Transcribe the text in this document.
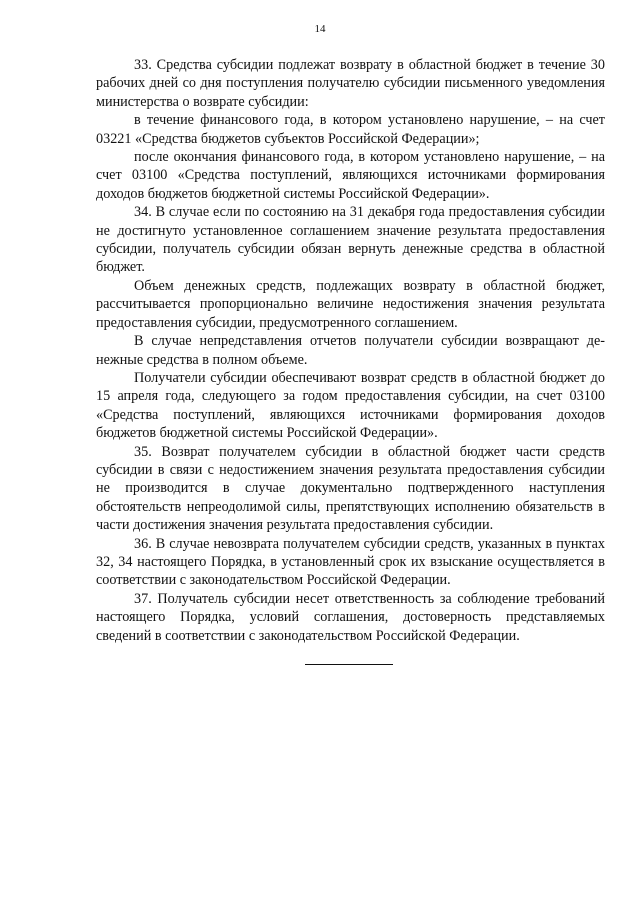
14

33. Средства субсидии подлежат возврату в областной бюджет в течение 30 рабочих дней со дня поступления получателю субсидии письменного уведомления министерства о возврате субсидии:

в течение финансового года, в котором установлено нарушение, – на счет 03221 «Средства бюджетов субъектов Российской Федерации»;

после окончания финансового года, в котором установлено нарушение, – на счет 03100 «Средства поступлений, являющихся источниками формирования доходов бюджетов бюджетной системы Российской Федерации».

34. В случае если по состоянию на 31 декабря года предоставления субсидии не достигнуто установленное соглашением значение результата предоставления субсидии, получатель субсидии обязан вернуть денежные средства в областной бюджет.

Объем денежных средств, подлежащих возврату в областной бюджет, рассчитывается пропорционально величине недостижения значения результата предоставления субсидии, предусмотренного соглашением.

В случае непредставления отчетов получатели субсидии возвращают денежные средства в полном объеме.

Получатели субсидии обеспечивают возврат средств в областной бюджет до 15 апреля года, следующего за годом предоставления субсидии, на счет 03100 «Средства поступлений, являющихся источниками формирования доходов бюджетов бюджетной системы Российской Федерации».

35. Возврат получателем субсидии в областной бюджет части средств субсидии в связи с недостижением значения результата предоставления субсидии не производится в случае документально подтвержденного наступления обстоятельств непреодолимой силы, препятствующих исполнению обязательств в части достижения значения результата предоставления субсидии.

36. В случае невозврата получателем субсидии средств, указанных в пунктах 32, 34 настоящего Порядка, в установленный срок их взыскание осуществляется в соответствии с законодательством Российской Федерации.

37. Получатель субсидии несет ответственность за соблюдение требований настоящего Порядка, условий соглашения, достоверность представляемых сведений в соответствии с законодательством Российской Федерации.
